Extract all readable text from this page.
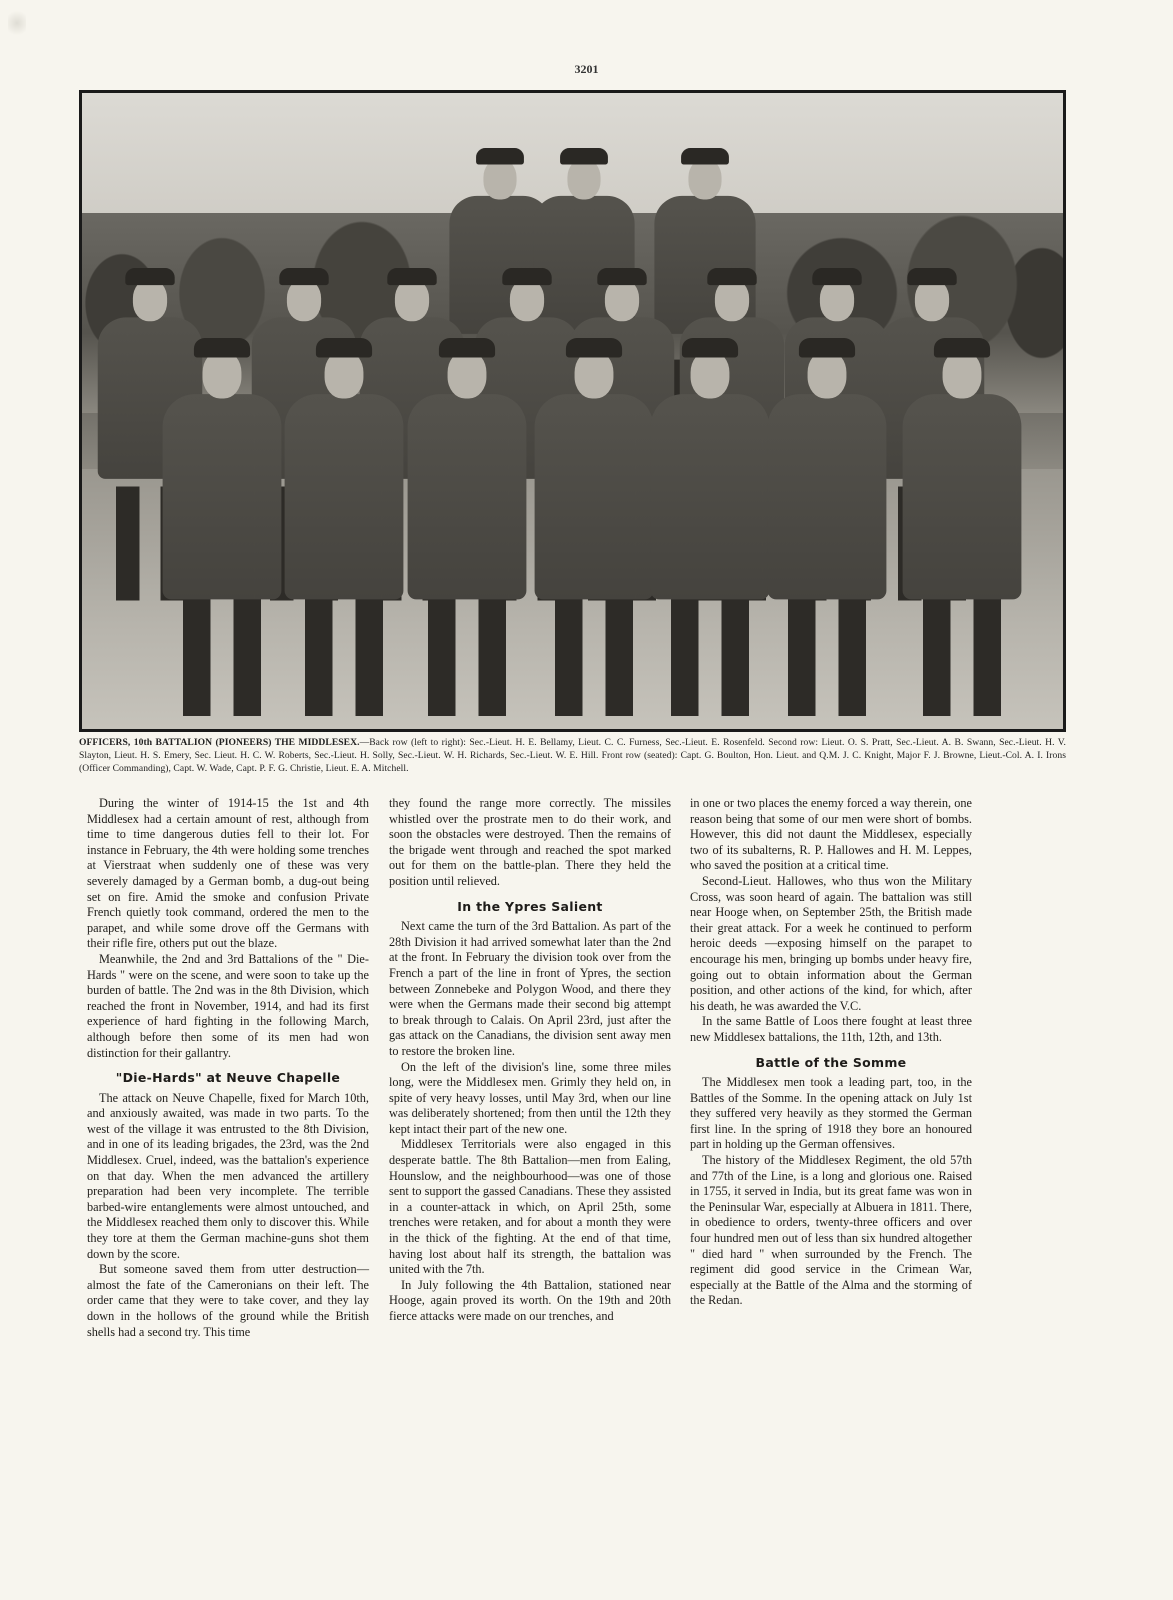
3201
OFFICERS, 10th BATTALION (PIONEERS) THE MIDDLESEX.—Back row (left to right): Sec.-Lieut. H. E. Bellamy, Lieut. C. C. Furness, Sec.-Lieut. E. Rosenfeld. Second row: Lieut. O. S. Pratt, Sec.-Lieut. A. B. Swann, Sec.-Lieut. H. V. Slayton, Lieut. H. S. Emery, Sec. Lieut. H. C. W. Roberts, Sec.-Lieut. H. Solly, Sec.-Lieut. W. H. Richards, Sec.-Lieut. W. E. Hill. Front row (seated): Capt. G. Boulton, Hon. Lieut. and Q.M. J. C. Knight, Major F. J. Browne, Lieut.-Col. A. I. Irons (Officer Commanding), Capt. W. Wade, Capt. P. F. G. Christie, Lieut. E. A. Mitchell.

During the winter of 1914-15 the 1st and 4th Middlesex had a certain amount of rest, although from time to time dangerous duties fell to their lot. For instance in February, the 4th were holding some trenches at Vierstraat when suddenly one of these was very severely damaged by a German bomb, a dug-out being set on fire. Amid the smoke and confusion Private French quietly took command, ordered the men to the parapet, and while some drove off the Germans with their rifle fire, others put out the blaze.

Meanwhile, the 2nd and 3rd Battalions of the " Die-Hards " were on the scene, and were soon to take up the burden of battle. The 2nd was in the 8th Division, which reached the front in November, 1914, and had its first experience of hard fighting in the following March, although before then some of its men had won distinction for their gallantry.

"Die-Hards" at Neuve Chapelle

The attack on Neuve Chapelle, fixed for March 10th, and anxiously awaited, was made in two parts. To the west of the village it was entrusted to the 8th Division, and in one of its leading brigades, the 23rd, was the 2nd Middlesex. Cruel, indeed, was the battalion's experience on that day. When the men advanced the artillery preparation had been very incomplete. The terrible barbed-wire entanglements were almost untouched, and the Middlesex reached them only to discover this. While they tore at them the German machine-guns shot them down by the score.

But someone saved them from utter destruction—almost the fate of the Cameronians on their left. The order came that they were to take cover, and they lay down in the hollows of the ground while the British shells had a second try. This time

they found the range more correctly. The missiles whistled over the prostrate men to do their work, and soon the obstacles were destroyed. Then the remains of the brigade went through and reached the spot marked out for them on the battle-plan. There they held the position until relieved.

In the Ypres Salient

Next came the turn of the 3rd Battalion. As part of the 28th Division it had arrived somewhat later than the 2nd at the front. In February the division took over from the French a part of the line in front of Ypres, the section between Zonnebeke and Polygon Wood, and there they were when the Germans made their second big attempt to break through to Calais. On April 23rd, just after the gas attack on the Canadians, the division sent away men to restore the broken line.

On the left of the division's line, some three miles long, were the Middlesex men. Grimly they held on, in spite of very heavy losses, until May 3rd, when our line was deliberately shortened; from then until the 12th they kept intact their part of the new one.

Middlesex Territorials were also engaged in this desperate battle. The 8th Battalion—men from Ealing, Hounslow, and the neighbourhood—was one of those sent to support the gassed Canadians. These they assisted in a counter-attack in which, on April 25th, some trenches were retaken, and for about a month they were in the thick of the fighting. At the end of that time, having lost about half its strength, the battalion was united with the 7th.

In July following the 4th Battalion, stationed near Hooge, again proved its worth. On the 19th and 20th fierce attacks were made on our trenches, and

in one or two places the enemy forced a way therein, one reason being that some of our men were short of bombs. However, this did not daunt the Middlesex, especially two of its subalterns, R. P. Hallowes and H. M. Leppes, who saved the position at a critical time.

Second-Lieut. Hallowes, who thus won the Military Cross, was soon heard of again. The battalion was still near Hooge when, on September 25th, the British made their great attack. For a week he continued to perform heroic deeds —exposing himself on the parapet to encourage his men, bringing up bombs under heavy fire, going out to obtain information about the German position, and other actions of the kind, for which, after his death, he was awarded the V.C.

In the same Battle of Loos there fought at least three new Middlesex battalions, the 11th, 12th, and 13th.

Battle of the Somme

The Middlesex men took a leading part, too, in the Battles of the Somme. In the opening attack on July 1st they suffered very heavily as they stormed the German first line. In the spring of 1918 they bore an honoured part in holding up the German offensives.

The history of the Middlesex Regiment, the old 57th and 77th of the Line, is a long and glorious one. Raised in 1755, it served in India, but its great fame was won in the Peninsular War, especially at Albuera in 1811. There, in obedience to orders, twenty-three officers and over four hundred men out of less than six hundred altogether " died hard " when surrounded by the French. The regiment did good service in the Crimean War, especially at the Battle of the Alma and the storming of the Redan.
